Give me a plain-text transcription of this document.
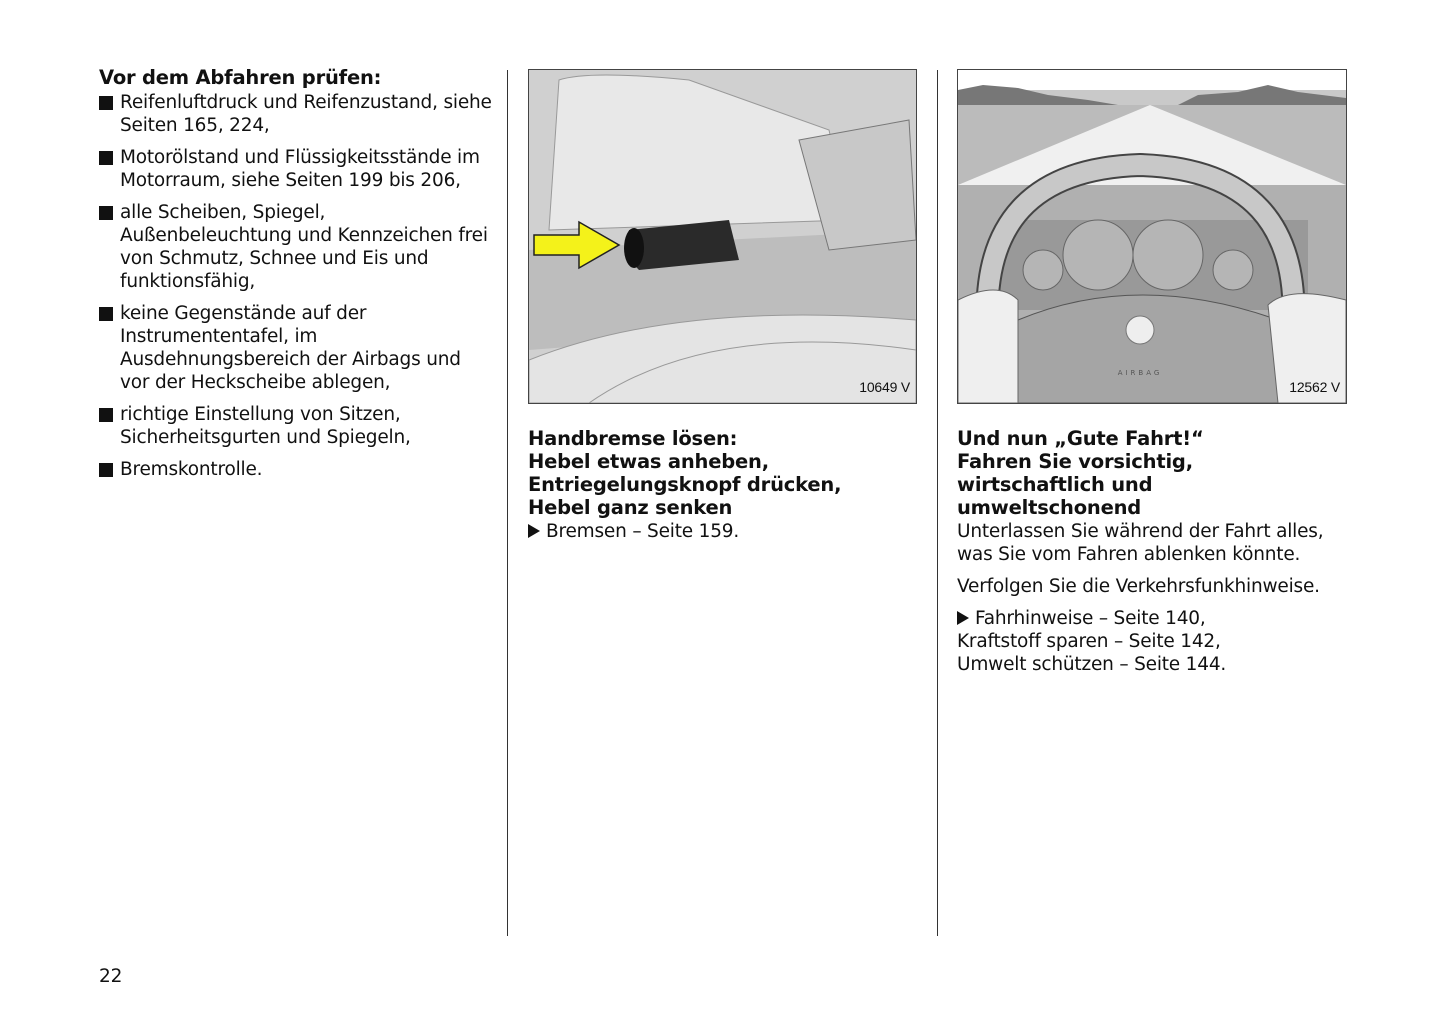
Vor dem Abfahren prüfen:
Reifenluftdruck und Reifenzustand, siehe Seiten 165, 224,
Motorölstand und Flüssigkeitsstände im Motorraum, siehe Seiten 199 bis 206,
alle Scheiben, Spiegel, Außenbeleuchtung und Kennzeichen frei von Schmutz, Schnee und Eis und funktionsfähig,
keine Gegenstände auf der Instrumententafel, im Ausdehnungsbereich der Airbags und vor der Heckscheibe ablegen,
richtige Einstellung von Sitzen, Sicherheitsgurten und Spiegeln,
Bremskontrolle.
10649 V
Handbremse lösen:
Hebel etwas anheben,
Entriegelungsknopf drücken,
Hebel ganz senken
Bremsen – Seite 159.
AIRBAG
12562 V
Und nun „Gute Fahrt!“
Fahren Sie vorsichtig,
wirtschaftlich und
umweltschonend

Unterlassen Sie während der Fahrt alles, was Sie vom Fahren ablenken könnte.

Verfolgen Sie die Verkehrsfunkhinweise.

Fahrhinweise – Seite 140,
Kraftstoff sparen – Seite 142,
Umwelt schützen – Seite 144.
22
